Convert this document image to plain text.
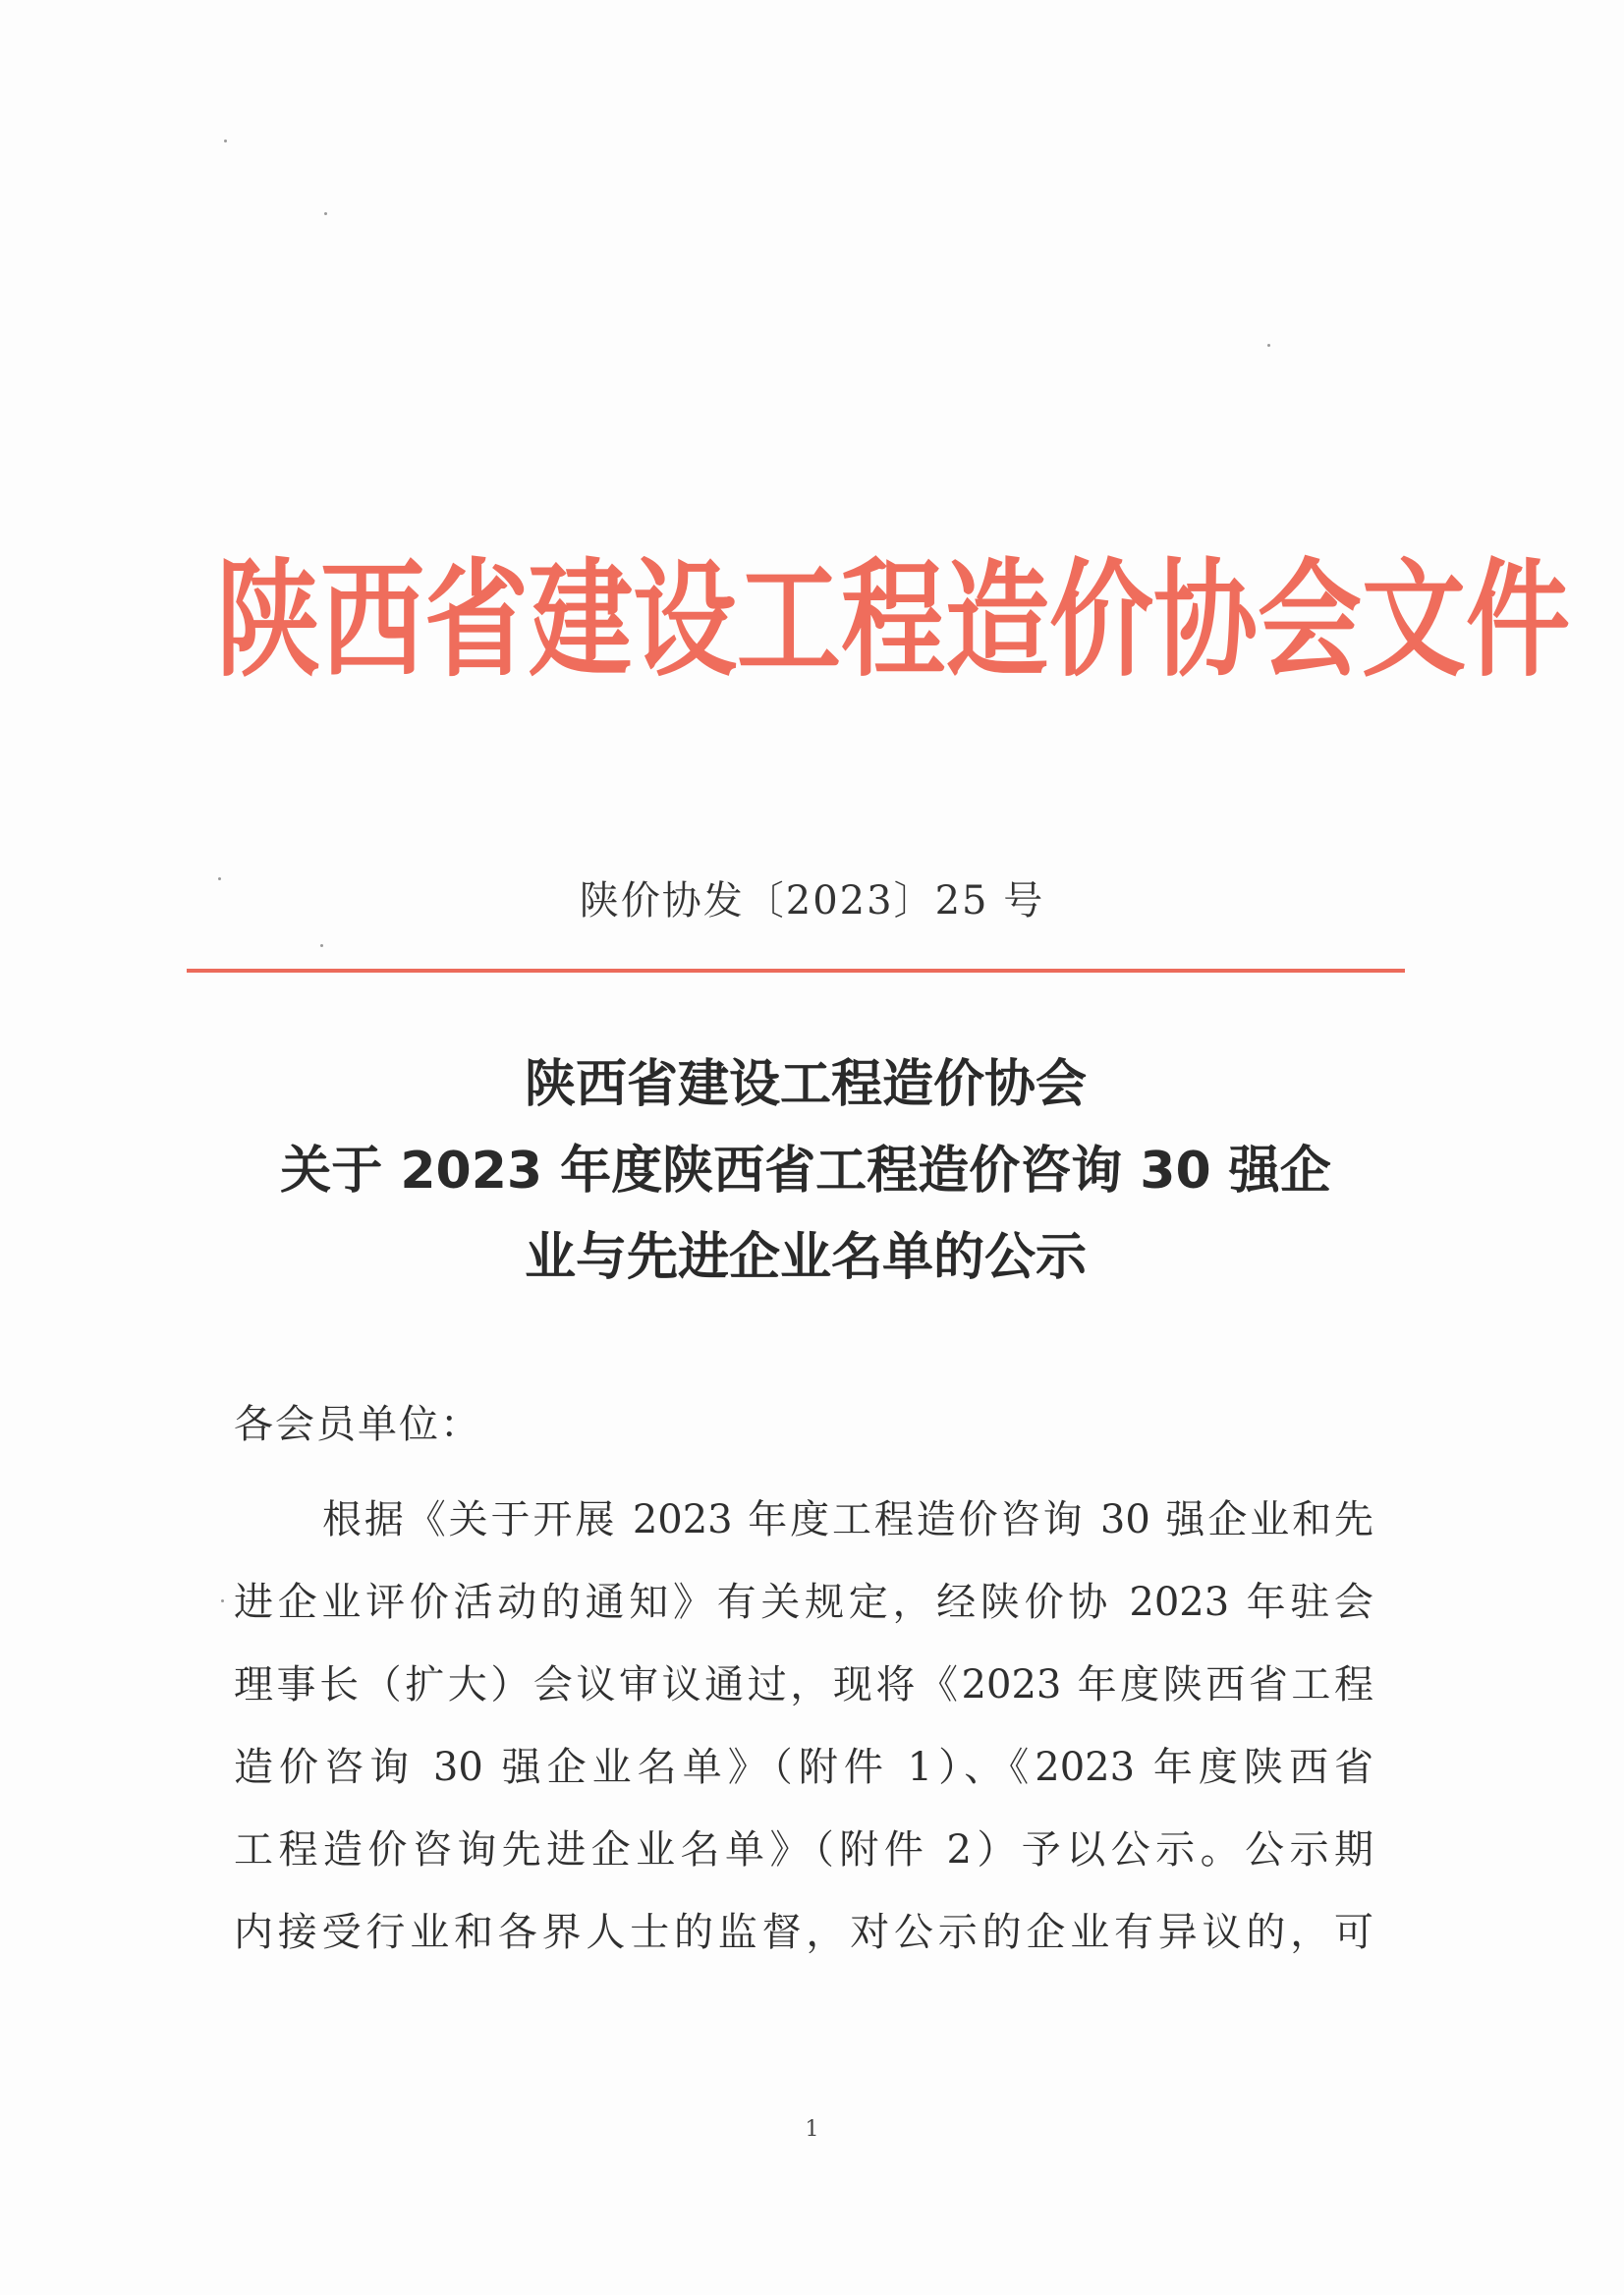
陕西省建设工程造价协会文件
陕价协发〔2023〕25 号
陕西省建设工程造价协会
关于 2023 年度陕西省工程造价咨询 30 强企
业与先进企业名单的公示
各会员单位：
根据《关于开展 2023 年度工程造价咨询 30 强企业和先
进企业评价活动的通知》有关规定，经陕价协 2023 年驻会
理事长（扩大）会议审议通过，现将《2023 年度陕西省工程
造价咨询 30 强企业名单》（附件 1）、《2023 年度陕西省
工程造价咨询先进企业名单》（附件 2）予以公示。公示期
内接受行业和各界人士的监督，对公示的企业有异议的，可
1
